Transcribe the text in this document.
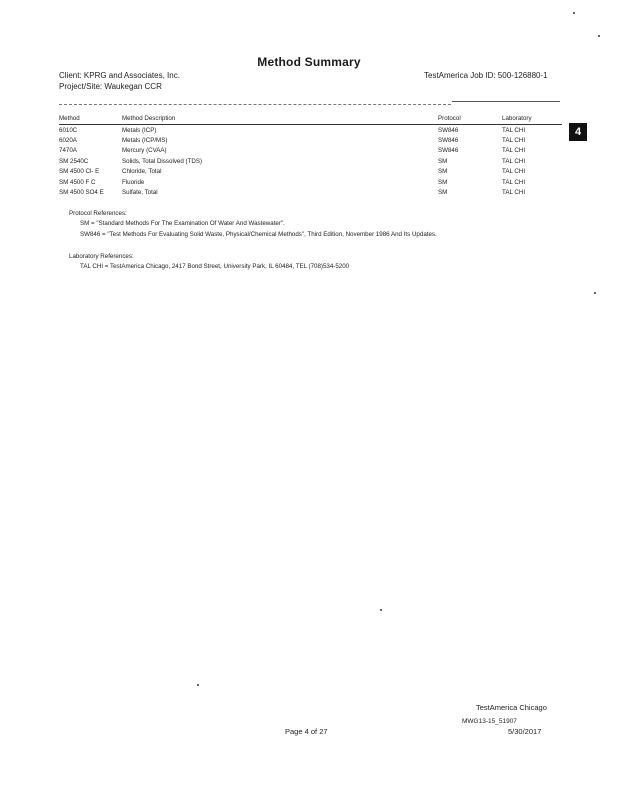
Method Summary
Client: KPRG and Associates, Inc.
Project/Site: Waukegan CCR
TestAmerica Job ID: 500-126880-1
4
Method	Method Description	Protocol	Laboratory
6010C	Metals (ICP)	SW846	TAL CHI
6020A	Metals (ICP/MS)	SW846	TAL CHI
7470A	Mercury (CVAA)	SW846	TAL CHI
SM 2540C	Solids, Total Dissolved (TDS)	SM	TAL CHI
SM 4500 Cl- E	Chloride, Total	SM	TAL CHI
SM 4500 F C	Fluoride	SM	TAL CHI
SM 4500 SO4 E	Sulfate, Total	SM	TAL CHI
Protocol References:
SM = "Standard Methods For The Examination Of Water And Wastewater".
SW846 = "Test Methods For Evaluating Solid Waste, Physical/Chemical Methods", Third Edition, November 1986 And Its Updates.
Laboratory References:
TAL CHI = TestAmerica Chicago, 2417 Bond Street, University Park, IL 60484, TEL (708)534-5200
TestAmerica Chicago
Page 4 of 27
MWG13-15_51907
5/30/2017
